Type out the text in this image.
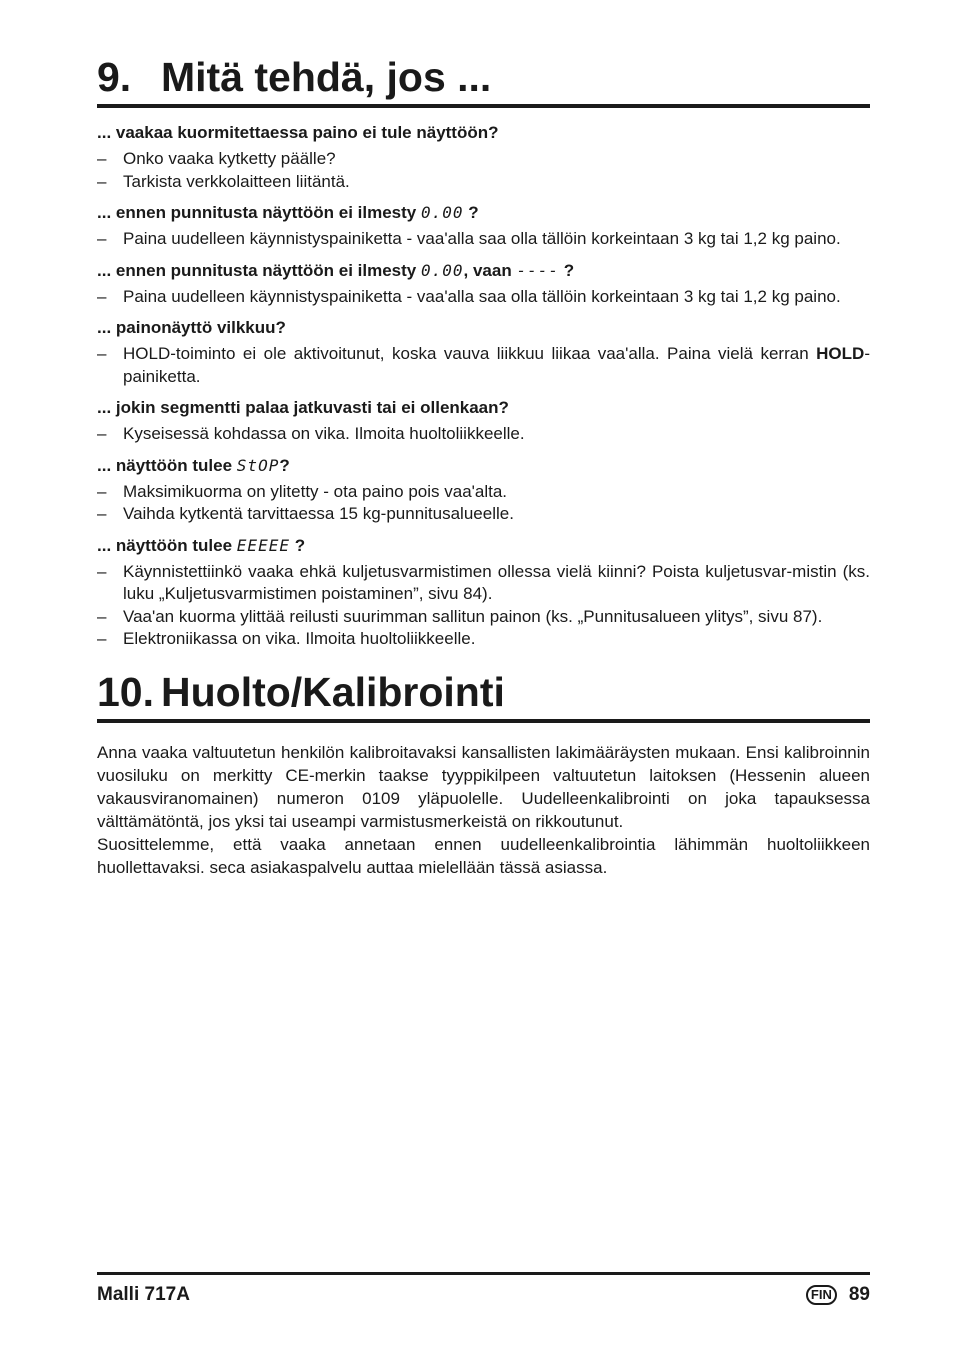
9. Mitä tehdä, jos ...

... vaakaa kuormitettaessa paino ei tule näyttöön?

– Onko vaaka kytketty päälle?
– Tarkista verkkolaitteen liitäntä.

... ennen punnitusta näyttöön ei ilmesty 0.00 ?

– Paina uudelleen käynnistyspainiketta - vaa'alla saa olla tällöin korkeintaan 3 kg tai 1,2 kg paino.

... ennen punnitusta näyttöön ei ilmesty 0.00, vaan ---- ?

– Paina uudelleen käynnistyspainiketta - vaa'alla saa olla tällöin korkeintaan 3 kg tai 1,2 kg paino.

... painonäyttö vilkkuu?

– HOLD-toiminto ei ole aktivoitunut, koska vauva liikkuu liikaa vaa'alla. Paina vielä kerran HOLD-painiketta.

... jokin segmentti palaa jatkuvasti tai ei ollenkaan?

– Kyseisessä kohdassa on vika. Ilmoita huoltoliikkeelle.

... näyttöön tulee StOP?

– Maksimikuorma on ylitetty - ota paino pois vaa'alta.
– Vaihda kytkentä tarvittaessa 15 kg-punnitusalueelle.

... näyttöön tulee EEEEE ?

– Käynnistettiinkö vaaka ehkä kuljetusvarmistimen ollessa vielä kiinni? Poista kuljetusvar-mistin (ks. luku „Kuljetusvarmistimen poistaminen”, sivu 84).
– Vaa'an kuorma ylittää reilusti suurimman sallitun painon (ks. „Punnitusalueen ylitys”, sivu 87).
– Elektroniikassa on vika. Ilmoita huoltoliikkeelle.
10. Huolto/Kalibrointi

Anna vaaka valtuutetun henkilön kalibroitavaksi kansallisten lakimääräysten mukaan. Ensi kalibroinnin vuosiluku on merkitty CE-merkin taakse tyyppikilpeen valtuutetun laitoksen (Hessenin alueen vakausviranomainen) numeron 0109 yläpuolelle. Uudelleenkalibrointi on joka tapauksessa välttämätöntä, jos yksi tai useampi varmistusmerkeistä on rikkoutunut.

Suosittelemme, että vaaka annetaan ennen uudelleenkalibrointia lähimmän huoltoliikkeen huollettavaksi. seca asiakaspalvelu auttaa mielellään tässä asiassa.

Malli 717A	FIN 89
